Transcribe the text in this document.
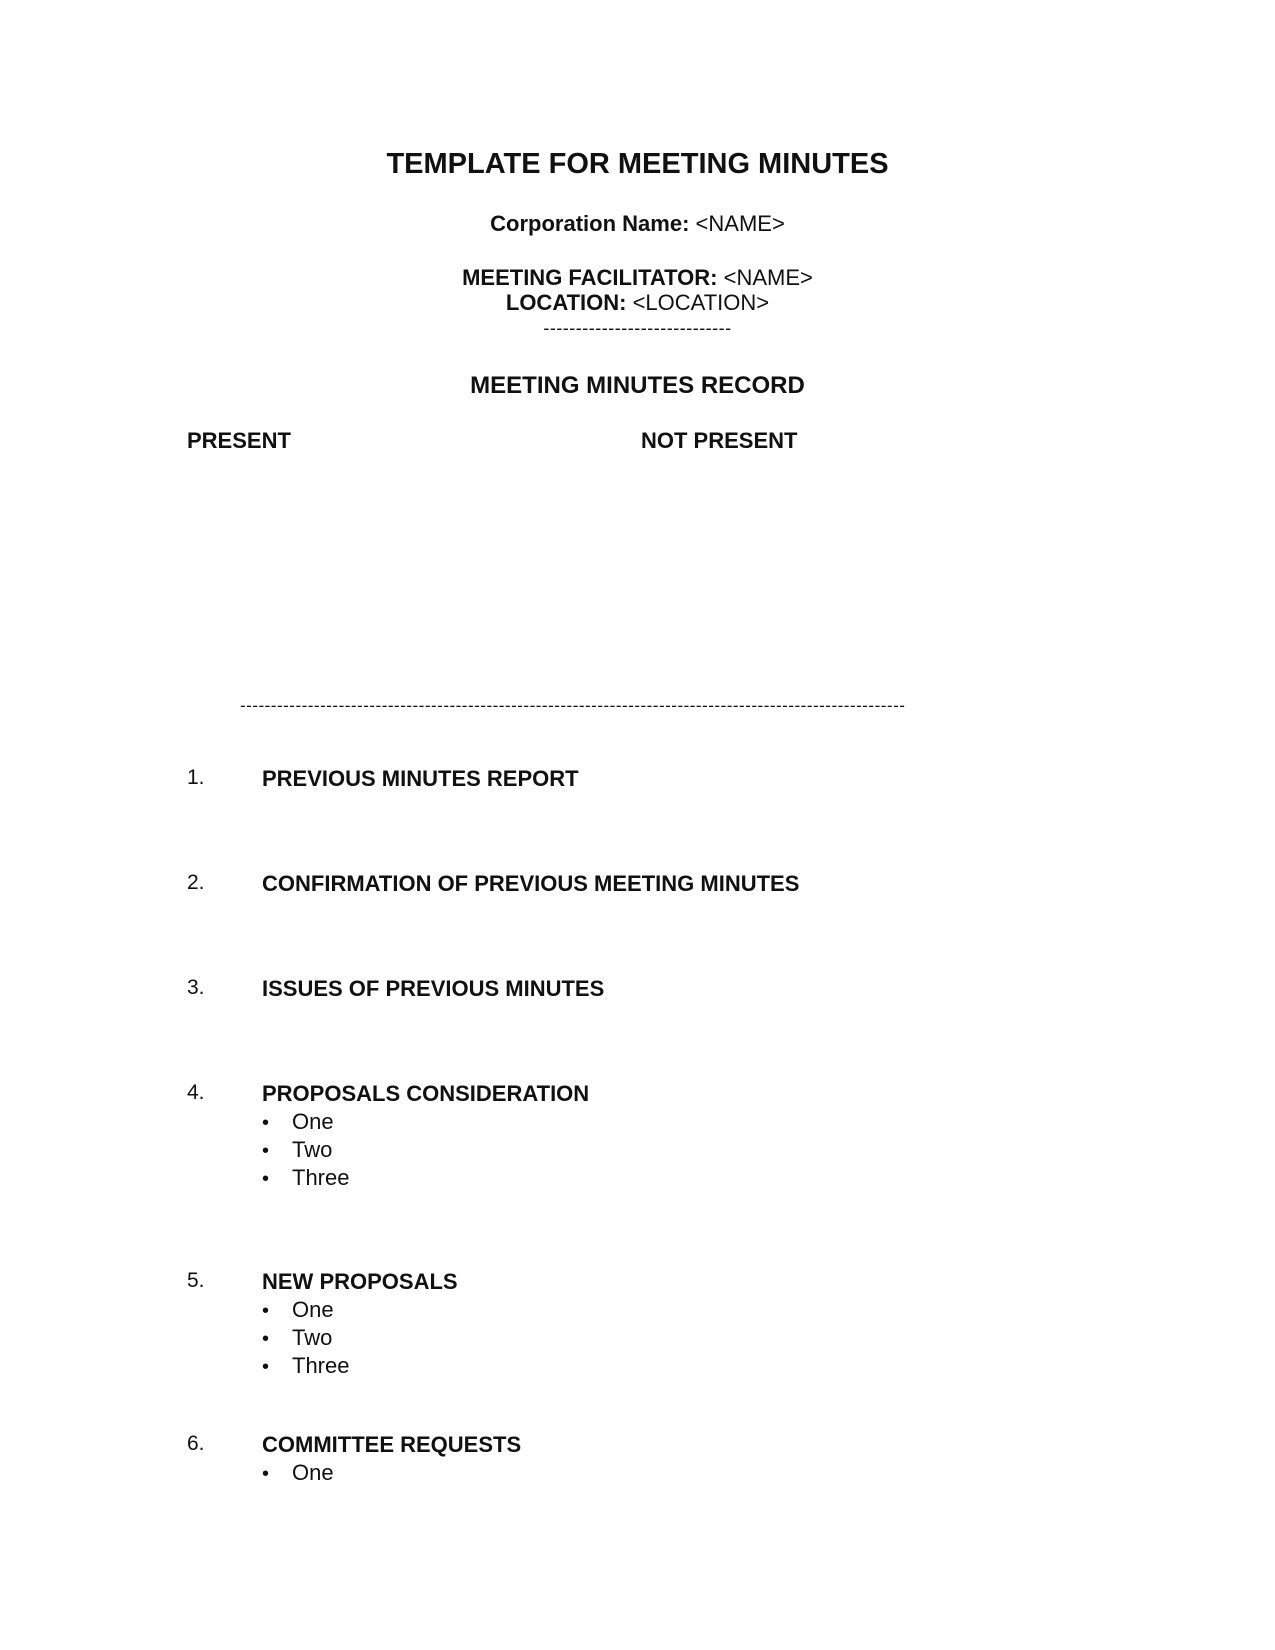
TEMPLATE FOR MEETING MINUTES
Corporation Name: <NAME>
MEETING FACILITATOR: <NAME>
LOCATION: <LOCATION>
-----------------------------
MEETING MINUTES RECORD
PRESENT	NOT PRESENT
------------------------------------------------------------------------------------------------------------
1.	PREVIOUS MINUTES REPORT
2.	CONFIRMATION OF PREVIOUS MEETING MINUTES
3.	ISSUES OF PREVIOUS MINUTES
4.	PROPOSALS CONSIDERATION
• One
• Two
• Three
5.	NEW PROPOSALS
• One
• Two
• Three
6.	COMMITTEE REQUESTS
• One
